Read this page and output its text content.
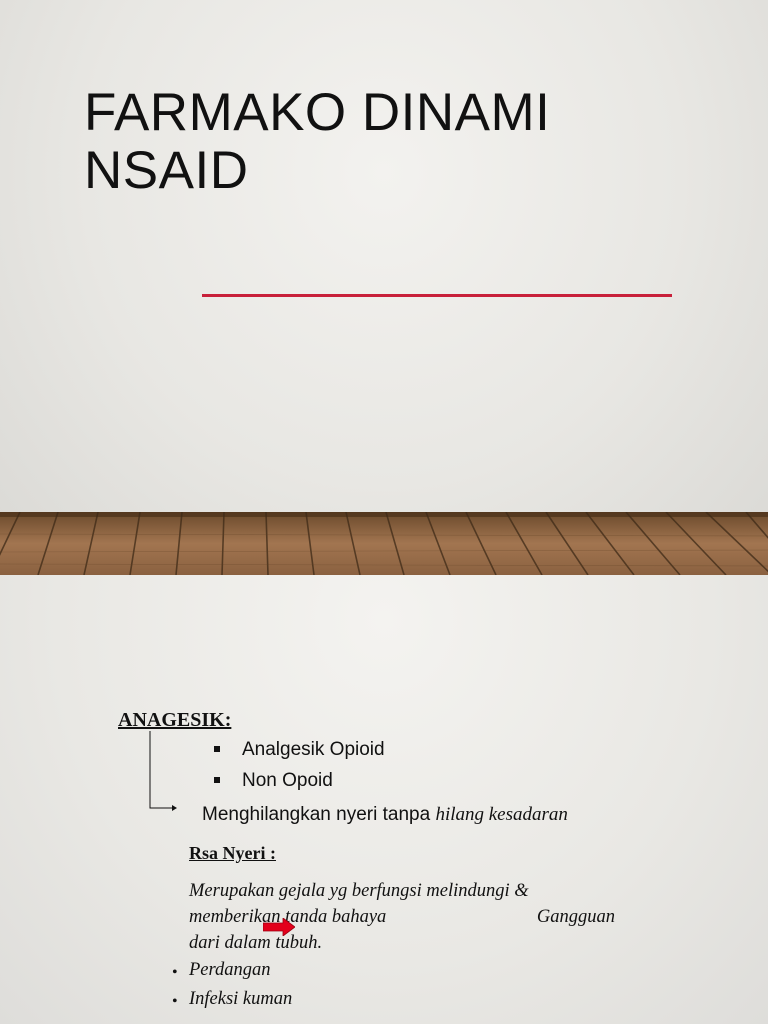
FARMAKO DINAMI
NSAID
ANAGESIK:
Analgesik Opioid
Non Opoid
Menghilangkan nyeri tanpa hilang kesadaran
Rsa Nyeri :
Merupakan gejala yg berfungsi melindungi &
memberikan tanda bahaya	Gangguan
dari dalam tubuh.
• Perdangan
• Infeksi kuman
